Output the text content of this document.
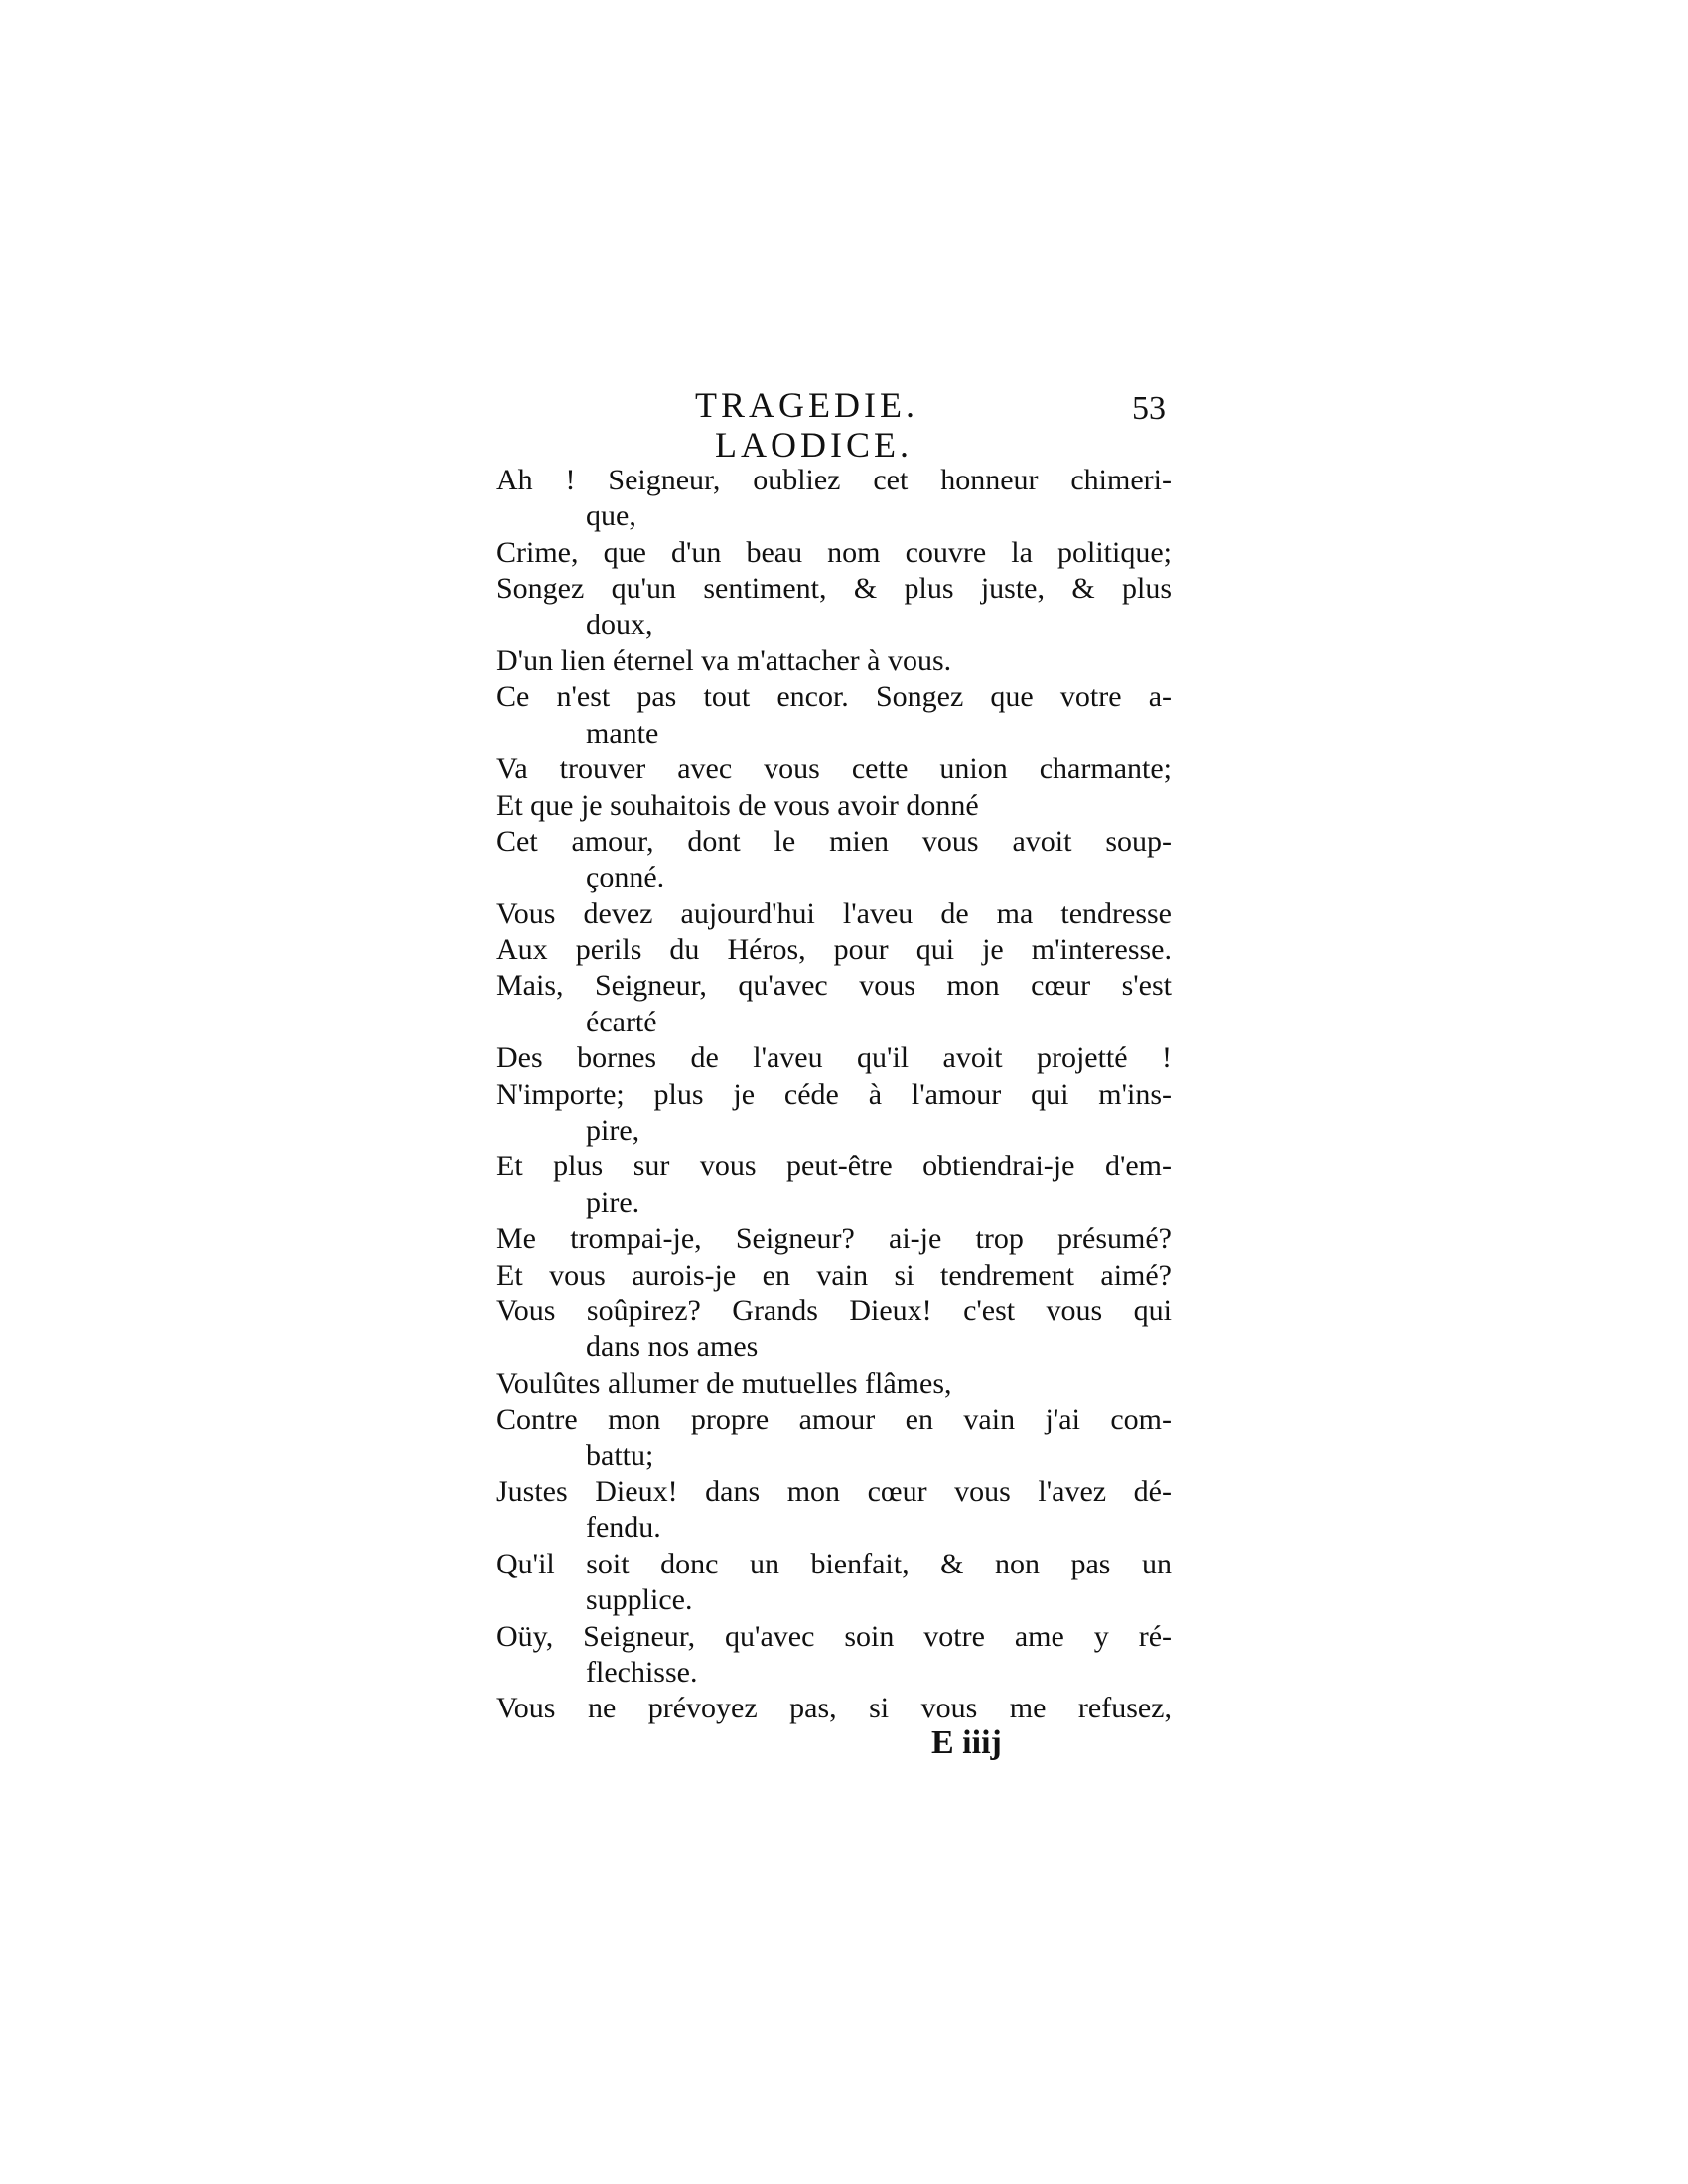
TRAGEDIE.	53
LAODICE.
Ah ! Seigneur, oubliez cet honneur chimeri-
que,
Crime, que d'un beau nom couvre la politique;
Songez qu'un sentiment, & plus juste, & plus
doux,
D'un lien éternel va m'attacher à vous.
Ce n'est pas tout encor. Songez que votre a-
mante
Va trouver avec vous cette union charmante;
Et que je souhaitois de vous avoir donné
Cet amour, dont le mien vous avoit soup-
çonné.
Vous devez aujourd'hui l'aveu de ma tendresse
Aux perils du Héros, pour qui je m'interesse.
Mais, Seigneur, qu'avec vous mon cœur s'est
écarté
Des bornes de l'aveu qu'il avoit projetté !
N'importe; plus je céde à l'amour qui m'ins-
pire,
Et plus sur vous peut-être obtiendrai-je d'em-
pire.
Me trompai-je, Seigneur? ai-je trop présumé?
Et vous aurois-je en vain si tendrement aimé?
Vous soûpirez? Grands Dieux! c'est vous qui
dans nos ames
Voulûtes allumer de mutuelles flâmes,
Contre mon propre amour en vain j'ai com-
battu;
Justes Dieux! dans mon cœur vous l'avez dé-
fendu.
Qu'il soit donc un bienfait, & non pas un
supplice.
Oüy, Seigneur, qu'avec soin votre ame y ré-
flechisse.
Vous ne prévoyez pas, si vous me refusez,
E iiij
